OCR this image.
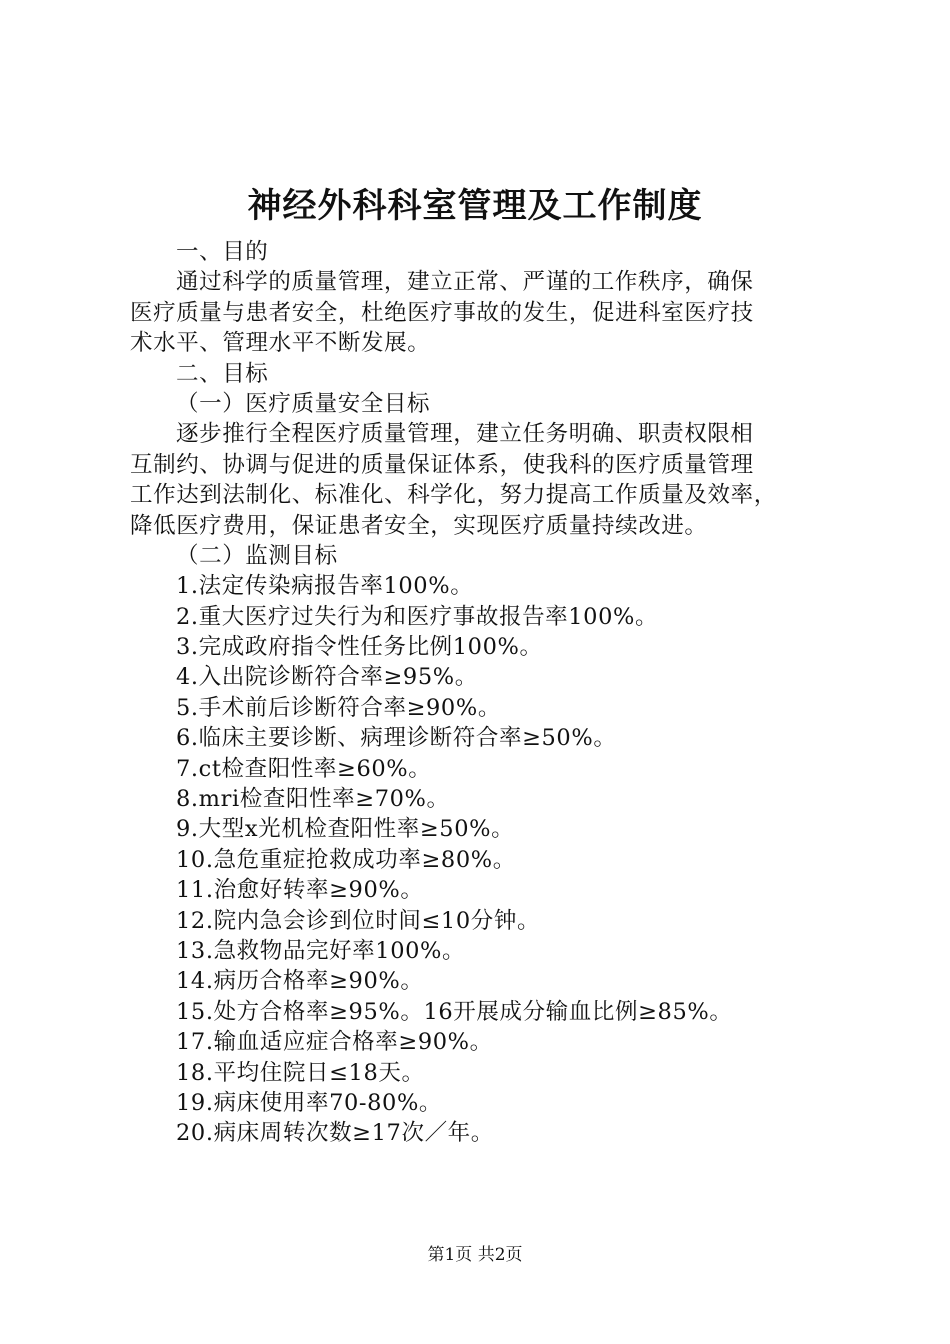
神经外科科室管理及工作制度
一、目的
通过科学的质量管理，建立正常、严谨的工作秩序，确保
医疗质量与患者安全，杜绝医疗事故的发生，促进科室医疗技
术水平、管理水平不断发展。
二、目标
（一）医疗质量安全目标
逐步推行全程医疗质量管理，建立任务明确、职责权限相
互制约、协调与促进的质量保证体系，使我科的医疗质量管理
工作达到法制化、标准化、科学化，努力提高工作质量及效率，
降低医疗费用，保证患者安全，实现医疗质量持续改进。
（二）监测目标
1.法定传染病报告率100%。
2.重大医疗过失行为和医疗事故报告率100%。
3.完成政府指令性任务比例100%。
4.入出院诊断符合率≥95%。
5.手术前后诊断符合率≥90%。
6.临床主要诊断、病理诊断符合率≥50%。
7.ct检查阳性率≥60%。
8.mri检查阳性率≥70%。
9.大型x光机检查阳性率≥50%。
10.急危重症抢救成功率≥80%。
11.治愈好转率≥90%。
12.院内急会诊到位时间≤10分钟。
13.急救物品完好率100%。
14.病历合格率≥90%。
15.处方合格率≥95%。16开展成分输血比例≥85%。
17.输血适应症合格率≥90%。
18.平均住院日≤18天。
19.病床使用率70-80%。
20.病床周转次数≥17次／年。
第1页 共2页
